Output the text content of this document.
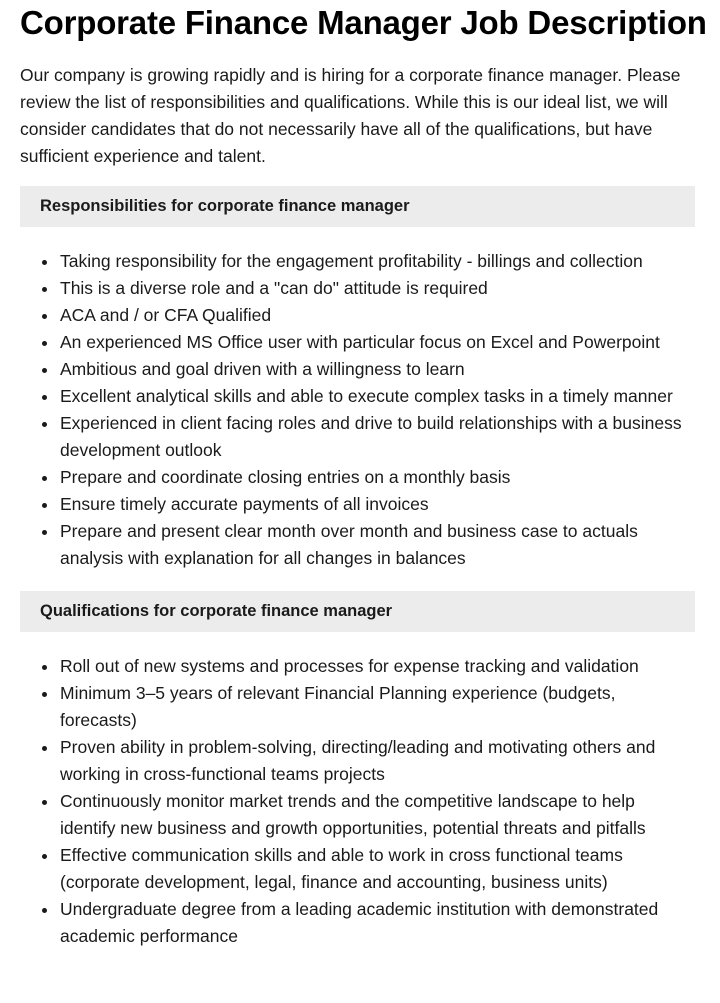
Corporate Finance Manager Job Description

Our company is growing rapidly and is hiring for a corporate finance manager. Please review the list of responsibilities and qualifications. While this is our ideal list, we will consider candidates that do not necessarily have all of the qualifications, but have sufficient experience and talent.

Responsibilities for corporate finance manager
Taking responsibility for the engagement profitability - billings and collection
This is a diverse role and a "can do" attitude is required
ACA and / or CFA Qualified
An experienced MS Office user with particular focus on Excel and Powerpoint
Ambitious and goal driven with a willingness to learn
Excellent analytical skills and able to execute complex tasks in a timely manner
Experienced in client facing roles and drive to build relationships with a business development outlook
Prepare and coordinate closing entries on a monthly basis
Ensure timely accurate payments of all invoices
Prepare and present clear month over month and business case to actuals analysis with explanation for all changes in balances
Qualifications for corporate finance manager
Roll out of new systems and processes for expense tracking and validation
Minimum 3–5 years of relevant Financial Planning experience (budgets, forecasts)
Proven ability in problem-solving, directing/leading and motivating others and working in cross-functional teams projects
Continuously monitor market trends and the competitive landscape to help identify new business and growth opportunities, potential threats and pitfalls
Effective communication skills and able to work in cross functional teams (corporate development, legal, finance and accounting, business units)
Undergraduate degree from a leading academic institution with demonstrated academic performance
